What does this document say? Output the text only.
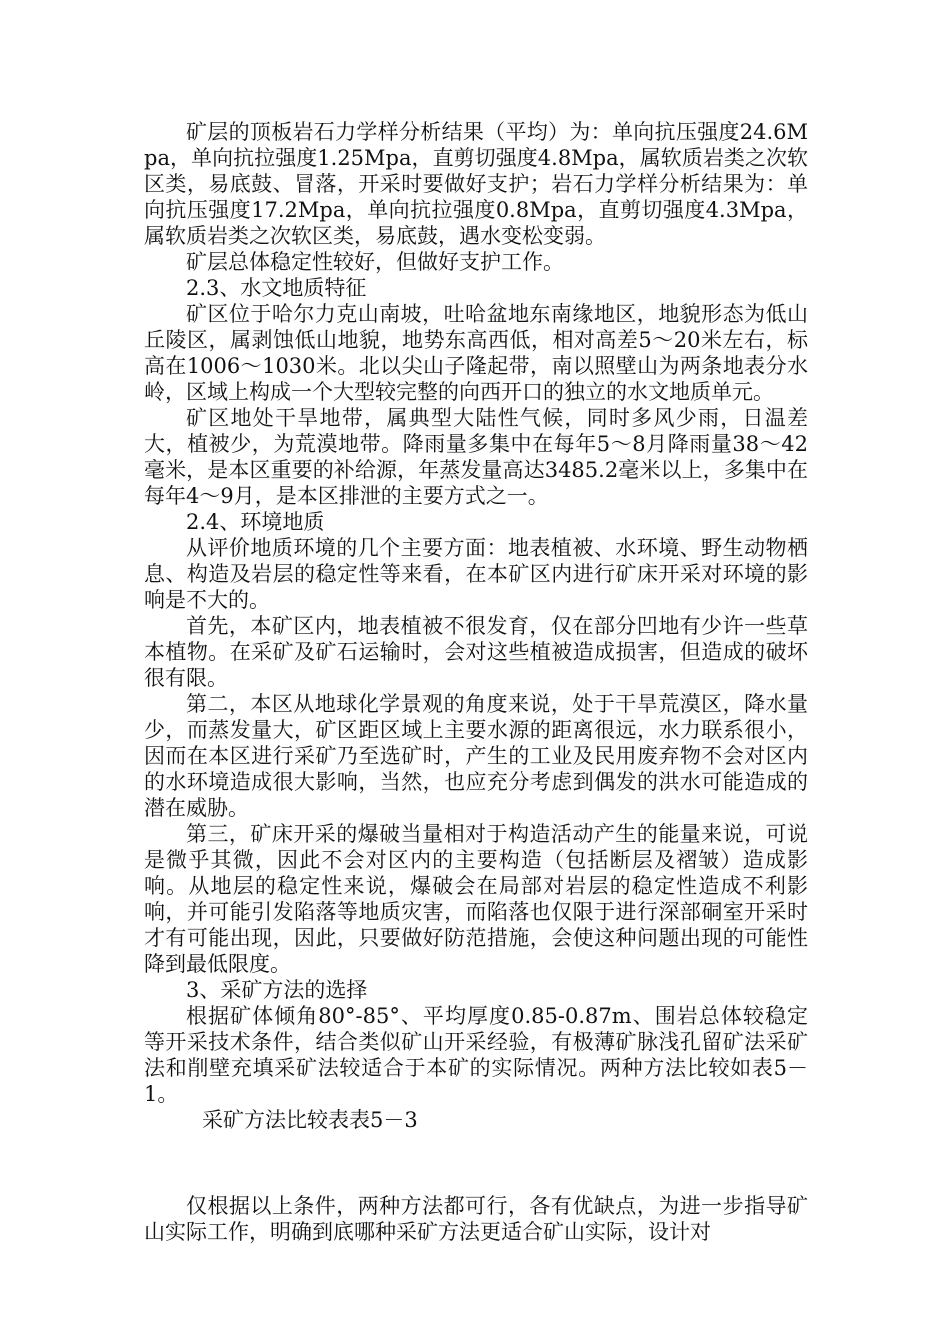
矿层的顶板岩石力学样分析结果（平均）为：单向抗压强度24.6Mpa，单向抗拉强度1.25Mpa，直剪切强度4.8Mpa，属软质岩类之次软区类，易底鼓、冒落，开采时要做好支护；岩石力学样分析结果为：单向抗压强度17.2Mpa，单向抗拉强度0.8Mpa，直剪切强度4.3Mpa，属软质岩类之次软区类，易底鼓，遇水变松变弱。

矿层总体稳定性较好，但做好支护工作。

2.3、水文地质特征

矿区位于哈尔力克山南坡，吐哈盆地东南缘地区，地貌形态为低山丘陵区，属剥蚀低山地貌，地势东高西低，相对高差5～20米左右，标高在1006～1030米。北以尖山子隆起带，南以照壁山为两条地表分水岭，区域上构成一个大型较完整的向西开口的独立的水文地质单元。

矿区地处干旱地带，属典型大陆性气候，同时多风少雨，日温差大，植被少，为荒漠地带。降雨量多集中在每年5～8月降雨量38～42毫米，是本区重要的补给源，年蒸发量高达3485.2毫米以上，多集中在每年4～9月，是本区排泄的主要方式之一。

2.4、环境地质

从评价地质环境的几个主要方面：地表植被、水环境、野生动物栖息、构造及岩层的稳定性等来看，在本矿区内进行矿床开采对环境的影响是不大的。

首先，本矿区内，地表植被不很发育，仅在部分凹地有少许一些草本植物。在采矿及矿石运输时，会对这些植被造成损害，但造成的破坏很有限。

第二，本区从地球化学景观的角度来说，处于干旱荒漠区，降水量少，而蒸发量大，矿区距区域上主要水源的距离很远，水力联系很小，因而在本区进行采矿乃至选矿时，产生的工业及民用废弃物不会对区内的水环境造成很大影响，当然，也应充分考虑到偶发的洪水可能造成的潜在威胁。

第三，矿床开采的爆破当量相对于构造活动产生的能量来说，可说是微乎其微，因此不会对区内的主要构造（包括断层及褶皱）造成影响。从地层的稳定性来说，爆破会在局部对岩层的稳定性造成不利影响，并可能引发陷落等地质灾害，而陷落也仅限于进行深部硐室开采时才有可能出现，因此，只要做好防范措施，会使这种问题出现的可能性降到最低限度。

3、采矿方法的选择

根据矿体倾角80°-85°、平均厚度0.85-0.87m、围岩总体较稳定等开采技术条件，结合类似矿山开采经验，有极薄矿脉浅孔留矿法采矿法和削壁充填采矿法较适合于本矿的实际情况。两种方法比较如表5－1。

采矿方法比较表表5－3

仅根据以上条件，两种方法都可行，各有优缺点，为进一步指导矿山实际工作，明确到底哪种采矿方法更适合矿山实际，设计对
